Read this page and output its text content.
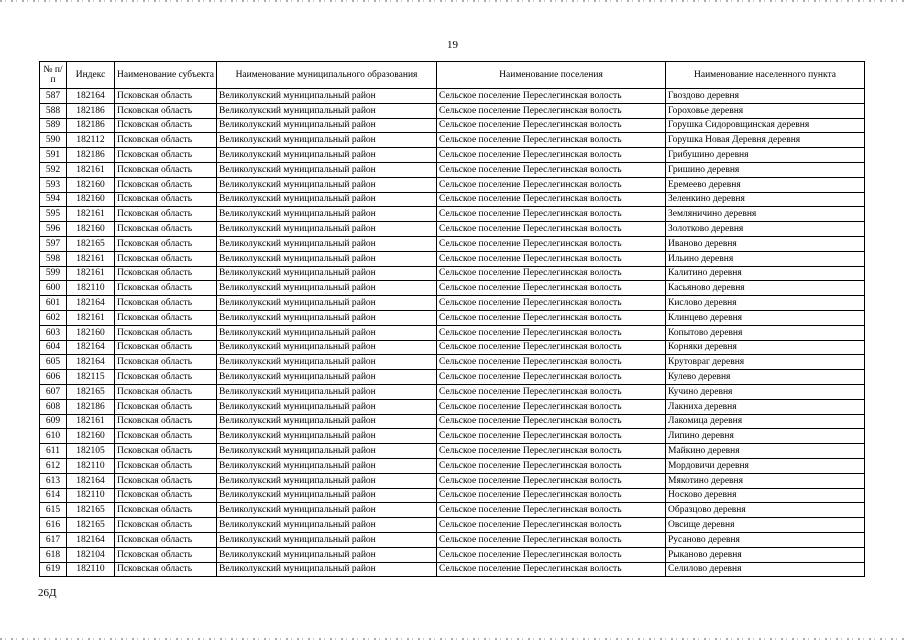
19
№ п/п	Индекс	Наименование субъекта	Наименование муниципального образования	Наименование поселения	Наименование населенного пункта
587	182164	Псковская область	Великолукский муниципальный район	Сельское поселение Переслегинская волость	Гвоздово деревня
588	182186	Псковская область	Великолукский муниципальный район	Сельское поселение Переслегинская волость	Гороховье деревня
589	182186	Псковская область	Великолукский муниципальный район	Сельское поселение Переслегинская волость	Горушка Сидоровщинская деревня
590	182112	Псковская область	Великолукский муниципальный район	Сельское поселение Переслегинская волость	Горушка Новая Деревня деревня
591	182186	Псковская область	Великолукский муниципальный район	Сельское поселение Переслегинская волость	Грибушино деревня
592	182161	Псковская область	Великолукский муниципальный район	Сельское поселение Переслегинская волость	Гришино деревня
593	182160	Псковская область	Великолукский муниципальный район	Сельское поселение Переслегинская волость	Еремеево деревня
594	182160	Псковская область	Великолукский муниципальный район	Сельское поселение Переслегинская волость	Зеленкино деревня
595	182161	Псковская область	Великолукский муниципальный район	Сельское поселение Переслегинская волость	Земляничино деревня
596	182160	Псковская область	Великолукский муниципальный район	Сельское поселение Переслегинская волость	Золотково деревня
597	182165	Псковская область	Великолукский муниципальный район	Сельское поселение Переслегинская волость	Иваново деревня
598	182161	Псковская область	Великолукский муниципальный район	Сельское поселение Переслегинская волость	Ильино деревня
599	182161	Псковская область	Великолукский муниципальный район	Сельское поселение Переслегинская волость	Калитино деревня
600	182110	Псковская область	Великолукский муниципальный район	Сельское поселение Переслегинская волость	Касьяново деревня
601	182164	Псковская область	Великолукский муниципальный район	Сельское поселение Переслегинская волость	Кислово деревня
602	182161	Псковская область	Великолукский муниципальный район	Сельское поселение Переслегинская волость	Клинцево деревня
603	182160	Псковская область	Великолукский муниципальный район	Сельское поселение Переслегинская волость	Копытово деревня
604	182164	Псковская область	Великолукский муниципальный район	Сельское поселение Переслегинская волость	Корняки деревня
605	182164	Псковская область	Великолукский муниципальный район	Сельское поселение Переслегинская волость	Крутоврaг деревня
606	182115	Псковская область	Великолукский муниципальный район	Сельское поселение Переслегинская волость	Кулево деревня
607	182165	Псковская область	Великолукский муниципальный район	Сельское поселение Переслегинская волость	Кучино деревня
608	182186	Псковская область	Великолукский муниципальный район	Сельское поселение Переслегинская волость	Лакниха деревня
609	182161	Псковская область	Великолукский муниципальный район	Сельское поселение Переслегинская волость	Лакомица деревня
610	182160	Псковская область	Великолукский муниципальный район	Сельское поселение Переслегинская волость	Липино деревня
611	182105	Псковская область	Великолукский муниципальный район	Сельское поселение Переслегинская волость	Майкино деревня
612	182110	Псковская область	Великолукский муниципальный район	Сельское поселение Переслегинская волость	Мордовичи деревня
613	182164	Псковская область	Великолукский муниципальный район	Сельское поселение Переслегинская волость	Мякотино деревня
614	182110	Псковская область	Великолукский муниципальный район	Сельское поселение Переслегинская волость	Носково деревня
615	182165	Псковская область	Великолукский муниципальный район	Сельское поселение Переслегинская волость	Образцово деревня
616	182165	Псковская область	Великолукский муниципальный район	Сельское поселение Переслегинская волость	Овсище деревня
617	182164	Псковская область	Великолукский муниципальный район	Сельское поселение Переслегинская волость	Русаново деревня
618	182104	Псковская область	Великолукский муниципальный район	Сельское поселение Переслегинская волость	Рыканово деревня
619	182110	Псковская область	Великолукский муниципальный район	Сельское поселение Переслегинская волость	Селилово деревня
26Д
